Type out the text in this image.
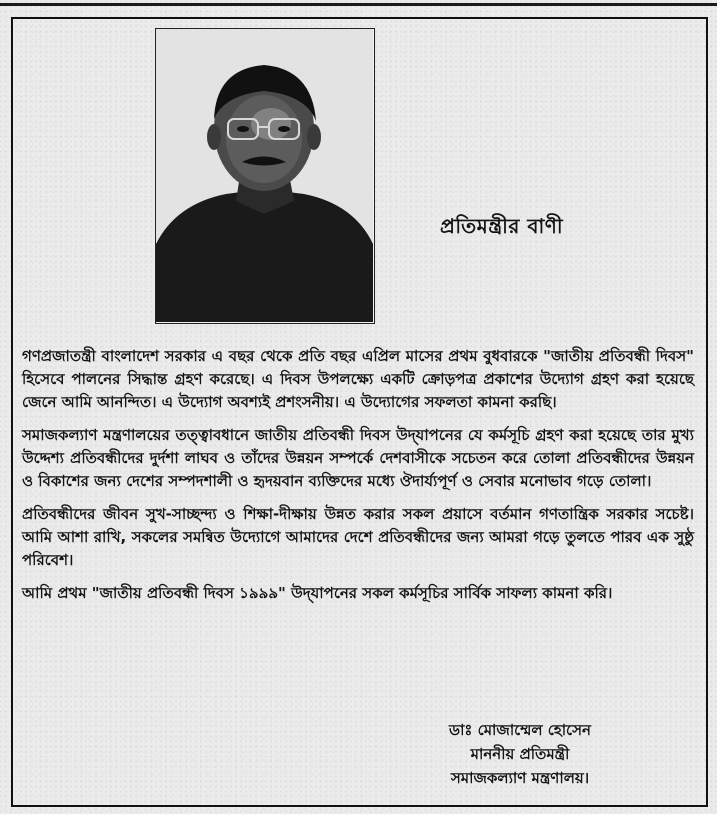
প্রতিমন্ত্রীর বাণী

গণপ্রজাতন্ত্রী বাংলাদেশ সরকার এ বছর থেকে প্রতি বছর এপ্রিল মাসের প্রথম বুধবারকে "জাতীয় প্রতিবন্ধী দিবস" হিসেবে পালনের সিদ্ধান্ত গ্রহণ করেছে। এ দিবস উপলক্ষ্যে একটি ক্রোড়পত্র প্রকাশের উদ্যোগ গ্রহণ করা হয়েছে জেনে আমি আনন্দিত। এ উদ্যোগ অবশ্যই প্রশংসনীয়। এ উদ্যোগের সফলতা কামনা করছি।

সমাজকল্যাণ মন্ত্রণালয়ের তত্ত্বাবধানে জাতীয় প্রতিবন্ধী দিবস উদ্‌যাপনের যে কর্মসূচি গ্রহণ করা হয়েছে তার মুখ্য উদ্দেশ্য প্রতিবন্ধীদের দুর্দশা লাঘব ও তাঁদের উন্নয়ন সম্পর্কে দেশবাসীকে সচেতন করে তোলা প্রতিবন্ধীদের উন্নয়ন ও বিকাশের জন্য দেশের সম্পদশালী ও হৃদয়বান ব্যক্তিদের মধ্যে ঔদার্য্যপূর্ণ ও সেবার মনোভাব গড়ে তোলা।

প্রতিবন্ধীদের জীবন সুখ-সাচ্ছন্দ্য ও শিক্ষা-দীক্ষায় উন্নত করার সকল প্রয়াসে বর্তমান গণতান্ত্রিক সরকার সচেষ্ট। আমি আশা রাখি, সকলের সমন্বিত উদ্যোগে আমাদের দেশে প্রতিবন্ধীদের জন্য আমরা গড়ে তুলতে পারব এক সুষ্ঠু পরিবেশ।

আমি প্রথম "জাতীয় প্রতিবন্ধী দিবস ১৯৯৯" উদ্‌যাপনের সকল কর্মসূচির সার্বিক সাফল্য কামনা করি।

ডাঃ মোজাম্মেল হোসেন
মাননীয় প্রতিমন্ত্রী
সমাজকল্যাণ মন্ত্রণালয়।
